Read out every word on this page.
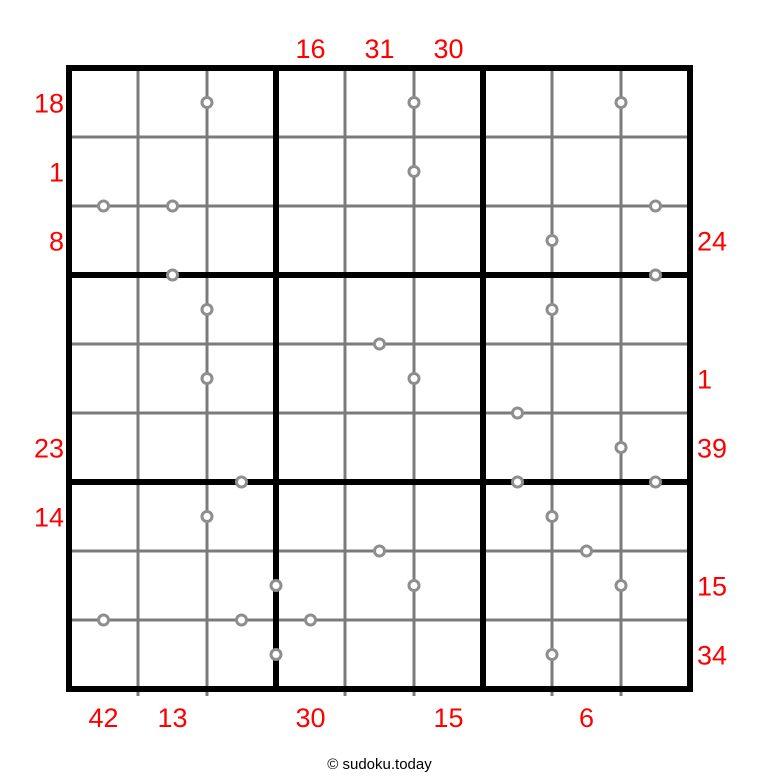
16 31 30
42 13	30	15	6
18
1
8
23
14
24
1
39
15
34
© sudoku.today
